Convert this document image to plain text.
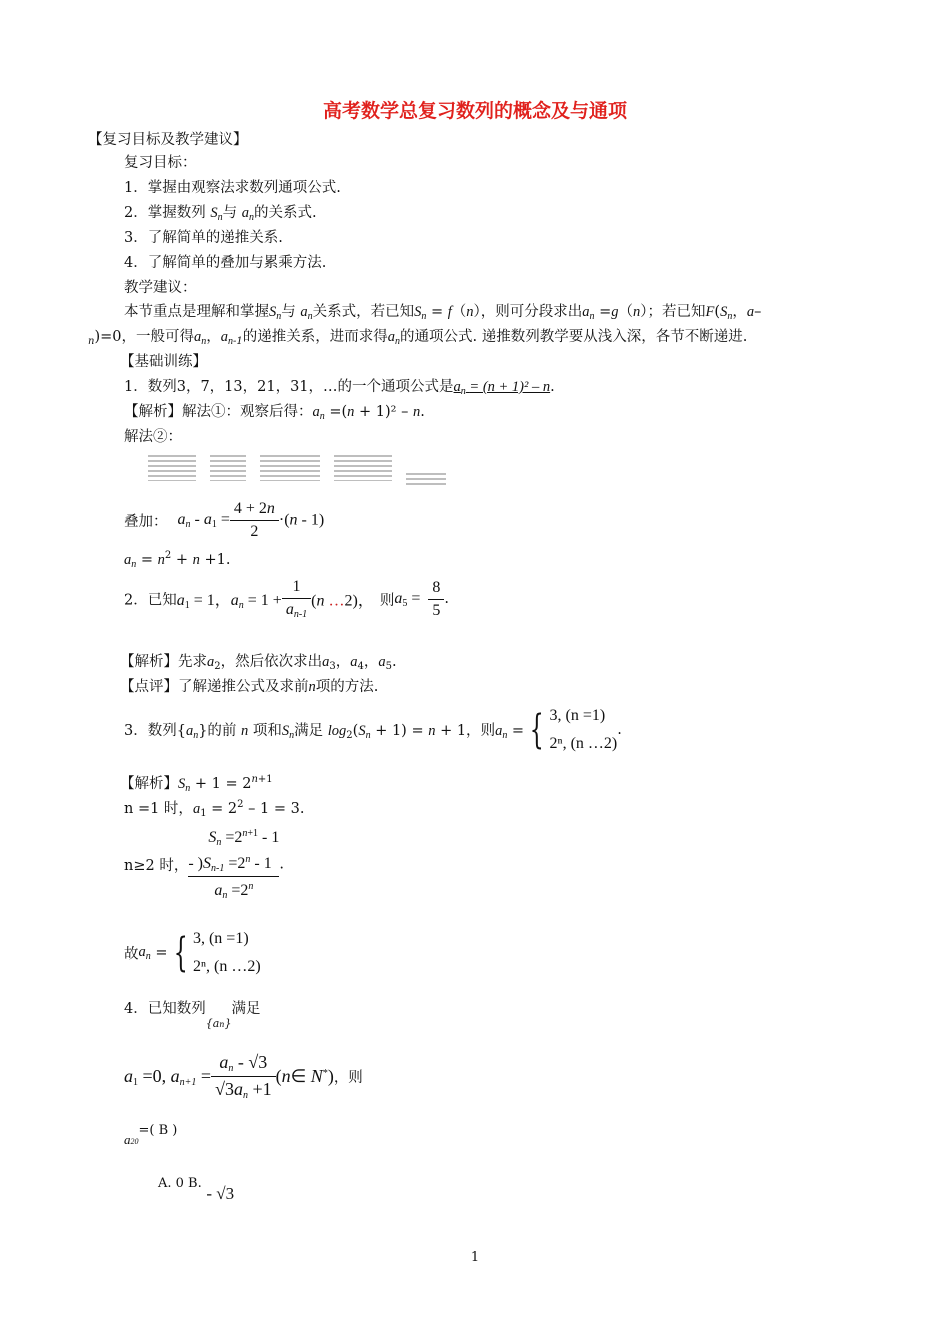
高考数学总复习数列的概念及与通项
【复习目标及教学建议】
复习目标：
1．掌握由观察法求数列通项公式.
2．掌握数列 $S_n$与 $a_n$的关系式.
3．了解简单的递推关系.
4．了解简单的叠加与累乘方法.
教学建议：
本节重点是理解和掌握$S_n$与 $a_n$关系式，若已知$S_n = f(n)$，则可分段求出$a_n =g(n)$；若已知$F(S_n$，a–
$_n$)=0，一般可得$a_n$，$a_{n-1}$的递推关系，进而求得$a_n$的通项公式. 递推数列教学要从浅入深，各节不断递进.
【基础训练】
1．数列3，7，13，21，31，…的一个通项公式是$a_n = (n + 1)^2 - n$.
【解析】解法①：观察后得：$a_n =(n + 1)^2 - n$.
解法②：
叠加： $a_n - a_1 = \frac{4 + 2n}{2} \cdot(n - 1)$
$a_n = n^2 + n +1$.
2．已知$a_1 = 1$，$a_n = 1 + \frac{1}{a_{n-1}} (n$ …2)， 则$a_5 = \frac{8}{5}$ .
【解析】先求$a_2$，然后依次求出$a_3$，$a_4$，$a_5$.
【点评】了解递推公式及求前n项的方法.
3．数列$\{a_n\}$的前 n 项和$S_n$满足 $\log_2(S_n + 1) = n + 1$，则$a_n$ = { 3, (n =1)
2ⁿ, (n …2)
.
【解析】$S_n + 1 = 2^{n+1}$
n =1 时，$a_1 = 2^2 - 1 = 3$.
n≥2 时，
$S_n =2^{n+1} - 1$
- )$S_{n-1} =2^n - 1$
$a_n =2^n$
.
故$a_n$ = { 3, (n =1)
2ⁿ, (n …2)
4．已知数列$_{\{an\}}$满足
$a_1 =0$, $a_{n+1} = \frac{a_n - √3}{√3a_n +1}$ (n∈ N*)，则
a20=( B )
A. 0 B. - √3
1
